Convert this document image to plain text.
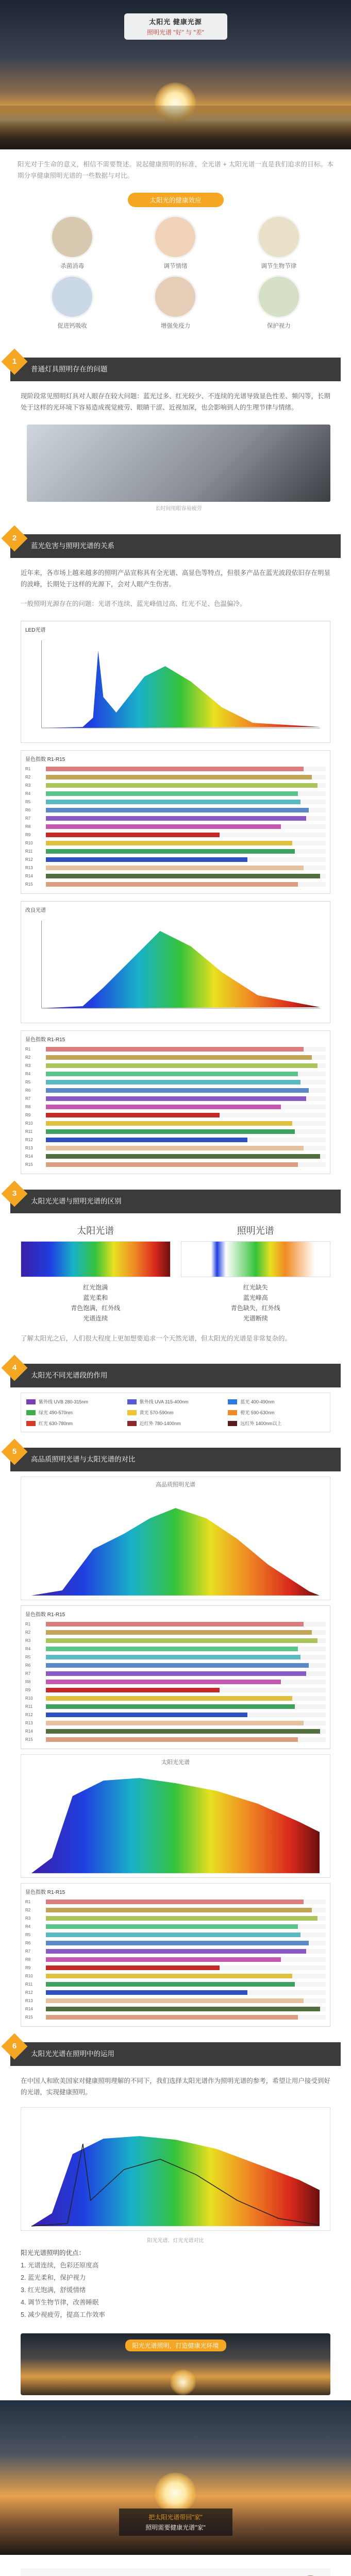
太阳光 健康光源
照明光谱 "好" 与 "差"
阳光对于生命的意义，相信不需要赘述。说起健康照明的标准，全光谱 + 太阳光谱一直是我们追求的目标。本期分享健康照明光谱的一些数据与对比。
太阳光的健康效应
杀菌消毒	调节情绪	调节生物节律
促进钙吸收	增强免疫力	保护视力
1
普通灯具照明存在的问题
现阶段常见照明灯具对人眼存在较大问题：蓝光过多、红光较少、不连续的光谱导致显色性差、频闪等，长期处于这样的光环境下容易造成视觉疲劳、眼睛干涩、近视加深，也会影响到人的生理节律与情绪。
长时间用眼容易疲劳
2
蓝光危害与照明光谱的关系
近年来，各市场上越来越多的照明产品宣称具有全光谱、高显色等特点，但很多产品在蓝光波段依旧存在明显的波峰，长期处于这样的光源下，会对人眼产生伤害。
一般照明光源存在的问题：光谱不连续、蓝光峰值过高、红光不足、色温偏冷。
LED光谱
显色指数 R1-R15
R1
R2
R3
R4
R5
R6
R7
R8
R9
R10
R11
R12
R13
R14
R15
改良光谱
显色指数 R1-R15
R1
R2
R3
R4
R5
R6
R7
R8
R9
R10
R11
R12
R13
R14
R15
3
太阳光光谱与照明光谱的区别
太阳光谱
红光饱满
蓝光柔和
青色饱满，红外线
光谱连续
照明光谱
红光缺失
蓝光峰高
青色缺失，红外线
光谱断续
了解太阳光之后，人们很大程度上更加想要追求一个天然光谱，但太阳光的光谱是非常复杂的。
4
太阳光不同光谱段的作用
紫外线 UVB 280-315nm	紫外线 UVA 315-400nm	蓝光 400-490nm
绿光 490-570nm	黄光 570-590nm	橙光 590-630nm
红光 630-780nm	近红外 780-1400nm	远红外 1400nm以上
5
高品质照明光谱与太阳光谱的对比
高品质照明光谱
显色指数 R1-R15
R1
R2
R3
R4
R5
R6
R7
R8
R9
R10
R11
R12
R13
R14
R15
太阳光光谱
显色指数 R1-R15
R1
R2
R3
R4
R5
R6
R7
R8
R9
R10
R11
R12
R13
R14
R15
6
太阳光光谱在照明中的运用
在中国人和欧美国家对健康照明理解的不同下，我们选择太阳光谱作为照明光谱的参考，希望让用户接受到好的光谱，实现健康照明。
阳光光谱、灯光光谱对比
阳光光谱照明的优点：
1. 光谱连续，色彩还原度高
2. 蓝光柔和，保护视力
3. 红光饱满，舒缓情绪
4. 调节生物节律，改善睡眠
5. 减少视疲劳，提高工作效率
阳光光谱照明，打造健康光环境
把太阳光谱带回"家"
照明需要健康光谱"家"
